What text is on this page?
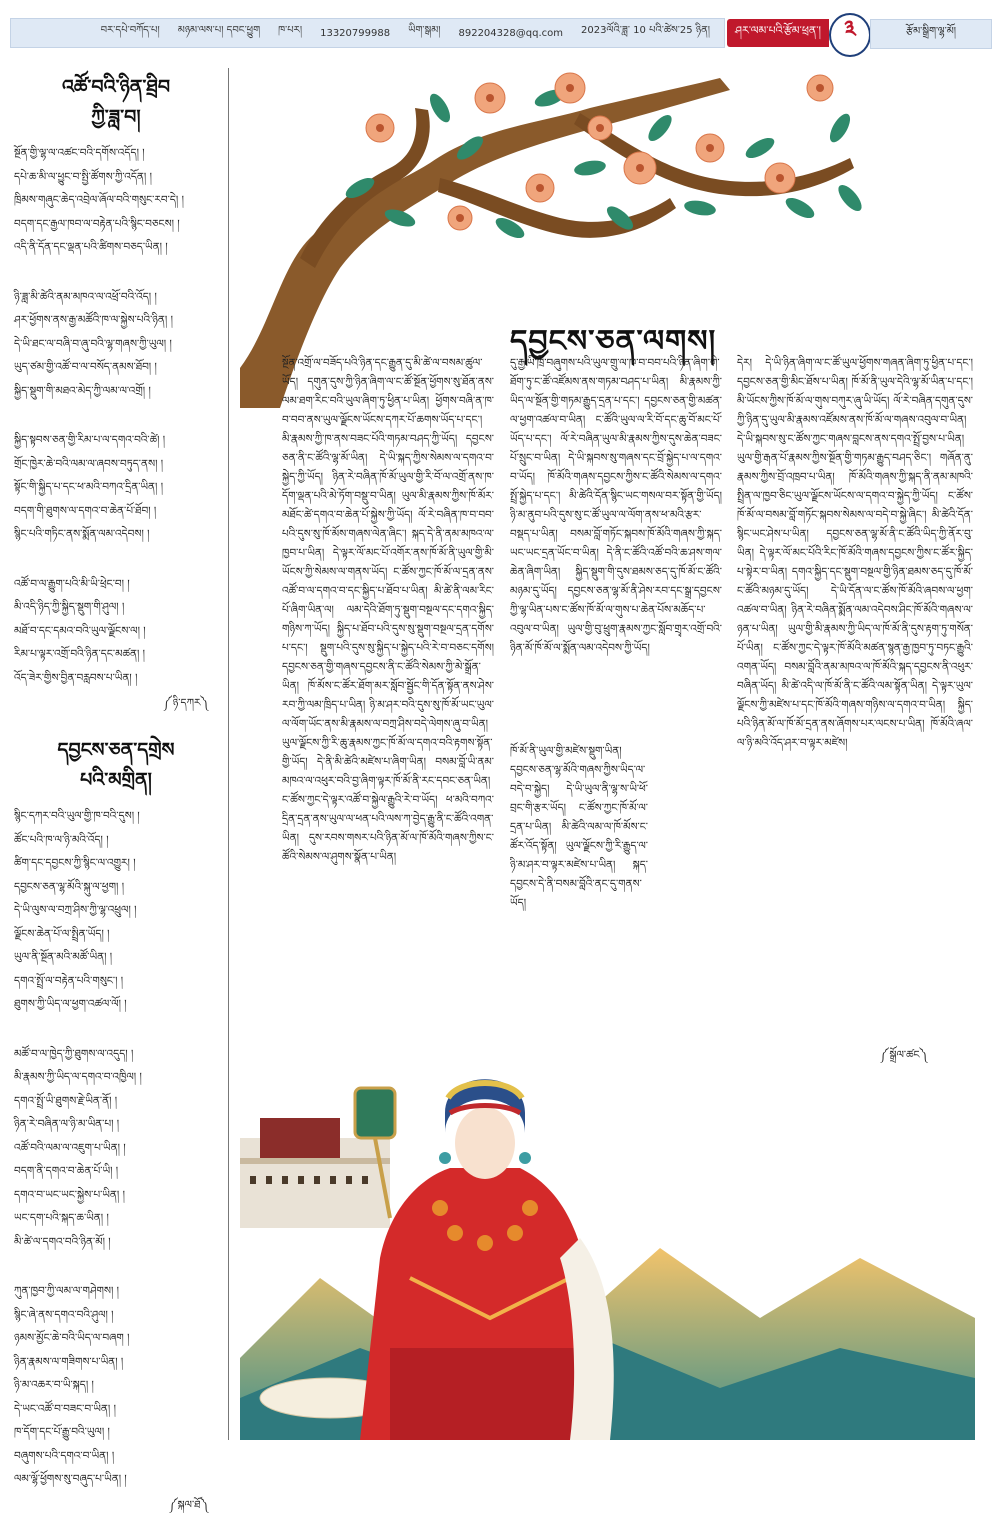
བར་དཔེ་བཀོད་པ། མཉམ་ལས་པ། དབང་ཕྱུག ཁ་པར། 13320799988 ཡིག་སྒམ། 892204328@qq.com 2023ལོའི་ཟླ་ 10 པའི་ཚེས་25 ཉིན།	ཤར་ལམ་པའི་རྩོམ་ཕྲན་།	༣	རྩོམ་སྒྲིག་ལྷ་མོ།
འཚོ་བའི་ཉིན་ཐྲིབ
ཀྱི་ཟླ་བ།
སྔོན་གྱི་ལྷ་ལ་འཚང་བའི་དགོས་འདོད། །
དཔེ་ཆ་མི་ལ་ཕྱུང་བ་སྤྱི་ཚོགས་ཀྱི་འདོན། །
ཁྲིམས་གཞུང་ཆེད་འབྲེལ་ཞོལ་བའི་གསུང་རབ་དེ། །
བདག་དང་རྒྱལ་ཁབ་ལ་བརྟེན་པའི་སྙིང་བཅངས། །
འདི་ནི་དོན་དང་ལྡན་པའི་ཚིགས་བཅད་ཡིན། །
ཉི་ཟླ་མི་ཚེའི་ནམ་མཁའ་ལ་འཕྲོ་བའི་འོད། །
ཤར་ཕྱོགས་ནས་རྒྱ་མཚོའི་ཁ་ལ་སྐྱེས་པའི་ཉིན། །
དེ་ཡི་ཐང་ལ་བཞི་བ་ཞུ་བའི་ལྷ་གཞས་ཀྱི་ཡུལ། །
ཡུད་ཙམ་གྱི་འཚོ་བ་ལ་བསོད་ནམས་ཐོབ། །
སྐྱིད་སྡུག་གི་མཐའ་མེད་ཀྱི་ལམ་ལ་འགྲོ། །
སྐྱིད་སྟབས་ཅན་གྱི་རིམ་པ་ལ་དགའ་བའི་ཚེ། །
གྲོང་ཁྱེར་ཆེ་བའི་ལམ་ལ་ཞབས་བཏུད་ནས། །
སྟོང་གི་སྐྱིད་པ་དང་ཕ་མའི་བཀའ་དྲིན་ཡིན། །
བདག་གི་ཐུགས་ལ་དགའ་བ་ཆེན་པོ་ཐོབ། །
སྙིང་པའི་གཏིང་ནས་སྨོན་ལམ་འདེབས། །
འཚོ་བ་ལ་རྒྱུག་པའི་མི་ཡི་ཕྲེང་བ། །
མི་འདི་ཉིད་ཀྱི་སྐྱིད་སྡུག་གི་ཤུལ། །
མཐོ་བ་དང་དམའ་བའི་ཡུལ་ལྗོངས་ལ། །
རིམ་པ་ལྟར་འགྲོ་བའི་ཉིན་དང་མཚན། །
འོད་ཟེར་གྱིས་བྱིན་བརླབས་པ་ཡིན། །
༼ཉི་དཀར༽
དབྱངས་ཅན་དགྲེས
པའི་མགྲིན།
སྙིང་དཀར་བའི་ཡུལ་གྱི་ཁ་བའི་དུས། །
ཚོང་པའི་ཁ་ལ་ཉི་མའི་འོད། །
ཚིག་དང་དབྱངས་ཀྱི་སྙིང་ལ་འགྱུར། །
དབྱངས་ཅན་ལྷ་མོའི་སྐུ་ལ་ཕྱག། །
དེ་ཡི་ལུས་ལ་བཀྲ་ཤིས་ཀྱི་ལྷ་འཕྲུལ། །
ལྗོངས་ཆེན་པོ་ལ་སྤྲིན་ཡོད། །
ཡུལ་ནི་སྔོན་མའི་མཚོ་ཡིན། །
དགའ་སྤྲོ་ལ་བརྟེན་པའི་གསུང་། །
ཐུགས་ཀྱི་ཡིད་ལ་ཕྱག་འཚལ་ལོ། །
མཚོ་བ་ལ་ཁྱེད་ཀྱི་ཐུགས་ལ་འདུད། །
མི་རྣམས་ཀྱི་ཡིད་ལ་དགའ་བ་འཁྱིལ། །
དགའ་སྤྲོ་ཡི་ཐུགས་རྗེ་ཡིན་ནོ། །
ཉིན་རེ་བཞིན་ལ་ཉི་མ་ཡིན་པ། །
འཚོ་བའི་ལམ་ལ་འཇུག་པ་ཡིན། །
བདག་ནི་དགའ་བ་ཆེན་པོ་ཡི། །
དགའ་བ་ཡང་ཡང་སྐྱེས་པ་ཡིན། །
ཡང་དག་པའི་སྐད་ཆ་ཡིན། །
མི་ཚེ་ལ་དགའ་བའི་ཉིན་མོ། །
ཀུན་ཁྱབ་ཀྱི་ལམ་ལ་གཤེགས། །
སྙིང་ཞེ་ནས་དགའ་བའི་ཤུལ། །
ཉམས་མྱོང་ཆེ་བའི་ཡིད་ལ་བཞག །
ཉིན་རྣམས་ལ་གཟིགས་པ་ཡིན། །
ཉི་མ་འཆར་བ་ཡི་སྐད། །
དེ་ཡང་འཚོ་བ་བཟང་བ་ཡིན། །
ཁ་དོག་དང་པོ་རྒྱུ་བའི་ཡུལ། །
བཞུགས་པའི་དགའ་བ་ཡིན། །
ལམ་ལྷོ་ཕྱོགས་སུ་བཞུད་པ་ཡིན། །
༼སྐལ་ཐོ༽
དབྱངས་ཅན་ལགས།
སྔོན་འགྲོ་ལ་བཟོད་པའི་ཉིན་དང་རྒྱུན་དུ་མི་ཚེ་ལ་བསམ་ཚུལ་ཡོད། དགུན་དུས་ཀྱི་ཉིན་ཞིག་ལ་ང་ཚོ་སྔོན་ཕྱོགས་སུ་ཐོན་ནས་ལམ་ཐག་རིང་བའི་ཡུལ་ཞིག་ཏུ་ཕྱིན་པ་ཡིན། ཕྱོགས་བཞི་ན་ཁ་བ་བབ་ནས་ཡུལ་ལྗོངས་ཡོངས་དཀར་པོ་ཆགས་ཡོད་པ་དང་། མི་རྣམས་ཀྱི་ཁ་ནས་བཟང་པོའི་གཏམ་བཤད་ཀྱི་ཡོད། དབྱངས་ཅན་ནི་ང་ཚོའི་ལྷ་མོ་ཡིན། དེ་ཡི་སྐད་ཀྱིས་སེམས་ལ་དགའ་བ་སྐྱེད་ཀྱི་ཡོད། ཉིན་རེ་བཞིན་ཁོ་མོ་ཡུལ་གྱི་རི་བོ་ལ་འགྲོ་ནས་ཁ་དོག་ལྡན་པའི་མེ་ཏོག་བསྡུ་བ་ཡིན། ཡུལ་མི་རྣམས་ཀྱིས་ཁོ་མོར་མཐོང་ཚེ་དགའ་བ་ཆེན་པོ་སྐྱེས་ཀྱི་ཡོད། ལོ་རེ་བཞིན་ཁ་བ་བབ་པའི་དུས་སུ་ཁོ་མོས་གཞས་ལེན་ཞིང་། སྐད་དེ་ནི་ནམ་མཁའ་ལ་ཁྱབ་པ་ཡིན། དེ་ལྟར་ལོ་མང་པོ་འགོར་ནས་ཁོ་མོ་ནི་ཡུལ་གྱི་མི་ཡོངས་ཀྱི་སེམས་ལ་གནས་ཡོད། ང་ཚོས་ཀྱང་ཁོ་མོ་ལ་དྲན་ནས་འཚོ་བ་ལ་དགའ་བ་དང་སྐྱིད་པ་ཐོབ་པ་ཡིན། མི་ཚེ་ནི་ལམ་རིང་པོ་ཞིག་ཡིན་ལ། ལམ་དེའི་ཐོག་ཏུ་སྡུག་བསྔལ་དང་དགའ་སྐྱིད་གཉིས་ཀ་ཡོད། སྐྱིད་པ་ཐོབ་པའི་དུས་སུ་སྡུག་བསྔལ་དྲན་དགོས་པ་དང་། སྡུག་པའི་དུས་སུ་སྐྱིད་པ་སྐྱེད་པའི་རེ་བ་བཅང་དགོས། དབྱངས་ཅན་གྱི་གཞས་དབྱངས་ནི་ང་ཚོའི་སེམས་ཀྱི་མེ་སྒྲོན་ཡིན། ཁོ་མོས་ང་ཚོར་ཐོག་མར་སློབ་སྦྱོང་གི་དོན་སྟོན་ནས་ཤེས་རབ་ཀྱི་ལམ་ཁྲིད་པ་ཡིན། ཉི་མ་ཤར་བའི་དུས་སུ་ཁོ་མོ་ཡང་ཡུལ་ལ་ལོག་ཡོང་ནས་མི་རྣམས་ལ་བཀྲ་ཤིས་བདེ་ལེགས་ཞུ་བ་ཡིན། ཡུལ་ལྗོངས་ཀྱི་རི་ཆུ་རྣམས་ཀྱང་ཁོ་མོ་ལ་དགའ་བའི་རྟགས་སྟོན་གྱི་ཡོད། དེ་ནི་མི་ཚེའི་མཛེས་པ་ཞིག་ཡིན། བསམ་བློ་ཡི་ནམ་མཁའ་ལ་འཕུར་བའི་བྱ་ཞིག་ལྟར་ཁོ་མོ་ནི་རང་དབང་ཅན་ཡིན། ང་ཚོས་ཀྱང་དེ་ལྟར་འཚོ་བ་སྐྱེལ་རྒྱུའི་རེ་བ་ཡོད། ཕ་མའི་བཀའ་དྲིན་དྲན་ནས་ཡུལ་ལ་ཕན་པའི་ལས་ཀ་བྱེད་རྒྱུ་ནི་ང་ཚོའི་འགན་ཡིན། དུས་རབས་གསར་པའི་ཉིན་མོ་ལ་ཁོ་མོའི་གཞས་ཀྱིས་ང་ཚོའི་སེམས་ལ་ཤུགས་སྣོན་པ་ཡིན།
དུ་རྒྱ་ཡི་ཁྲི་བཞུགས་པའི་ཡུལ་གྲུ་ལ་ཁ་བ་བབ་པའི་ཉིན་ཞིག་གི་ཐོག་ཏུ་ང་ཚོ་འཛོམས་ནས་གཏམ་བཤད་པ་ཡིན། མི་རྣམས་ཀྱི་ཡིད་ལ་སྔོན་གྱི་གཏམ་རྒྱུད་དྲན་པ་དང་། དབྱངས་ཅན་གྱི་མཚན་ལ་ཕྱག་འཚལ་བ་ཡིན། ང་ཚོའི་ཡུལ་ལ་རི་བོ་དང་ཆུ་བོ་མང་པོ་ཡོད་པ་དང་། ལོ་རེ་བཞིན་ཡུལ་མི་རྣམས་ཀྱིས་དུས་ཆེན་བཟང་པོ་སྲུང་བ་ཡིན། དེ་ཡི་སྐབས་སུ་གཞས་དང་བྲོ་སྐྱེད་པ་ལ་དགའ་བ་ཡོད། ཁོ་མོའི་གཞས་དབྱངས་ཀྱིས་ང་ཚོའི་སེམས་ལ་དགའ་སྤྲོ་སྐྱེད་པ་དང་། མི་ཚེའི་དོན་སྙིང་ཡང་གསལ་བར་སྟོན་གྱི་ཡོད། ཉི་མ་ནུབ་པའི་དུས་སུ་ང་ཚོ་ཡུལ་ལ་ལོག་ནས་ཕ་མའི་རྩར་བསྡད་པ་ཡིན། བསམ་བློ་གཏོང་སྐབས་ཁོ་མོའི་གཞས་ཀྱི་སྐད་ཡང་ཡང་དྲན་ཡོང་བ་ཡིན། དེ་ནི་ང་ཚོའི་འཚོ་བའི་ཆ་ཤས་གལ་ཆེན་ཞིག་ཡིན། སྐྱིད་སྡུག་གི་དུས་ཐམས་ཅད་དུ་ཁོ་མོ་ང་ཚོའི་མཉམ་དུ་ཡོད། དབྱངས་ཅན་ལྷ་མོ་ནི་ཤེས་རབ་དང་སྒྲ་དབྱངས་ཀྱི་ལྷ་ཡིན་པས་ང་ཚོས་ཁོ་མོ་ལ་གུས་པ་ཆེན་པོས་མཆོད་པ་འབུལ་བ་ཡིན། ཡུལ་གྱི་བུ་ཕྲུག་རྣམས་ཀྱང་སློབ་གྲྭར་འགྲོ་བའི་ཉིན་མོ་ཁོ་མོ་ལ་སྨོན་ལམ་འདེབས་ཀྱི་ཡོད།
ཁོ་མོ་ནི་ཡུལ་གྱི་མཛེས་སྡུག་ཡིན། དབྱངས་ཅན་ལྷ་མོའི་གཞས་ཀྱིས་ཡིད་ལ་བདེ་བ་སྐྱེད། དེ་ཡི་ཡུལ་ནི་ལྷ་ས་ཡི་ཕོ་བྲང་གི་རྩར་ཡོད། ང་ཚོས་ཀྱང་ཁོ་མོ་ལ་དྲན་པ་ཡིན། མི་ཚེའི་ལམ་ལ་ཁོ་མོས་ང་ཚོར་འོད་སྟོན། ཡུལ་ལྗོངས་ཀྱི་རི་རྒྱུད་ལ་ཉི་མ་ཤར་བ་ལྟར་མཛེས་པ་ཡིན། སྐད་དབྱངས་དེ་ནི་བསམ་བློའི་ནང་དུ་གནས་ཡོད།
དེར། དེ་ཡི་ཉིན་ཞིག་ལ་ང་ཚོ་ཡུལ་ཕྱོགས་གཞན་ཞིག་ཏུ་ཕྱིན་པ་དང་། དབྱངས་ཅན་གྱི་མིང་ཐོས་པ་ཡིན། ཁོ་མོ་ནི་ཡུལ་དེའི་ལྷ་མོ་ཡིན་པ་དང་། མི་ཡོངས་ཀྱིས་ཁོ་མོ་ལ་གུས་བཀུར་ཞུ་ཡི་ཡོད། ལོ་རེ་བཞིན་དགུན་དུས་ཀྱི་ཉིན་དུ་ཡུལ་མི་རྣམས་འཛོམས་ནས་ཁོ་མོ་ལ་གཞས་འབུལ་བ་ཡིན། དེ་ཡི་སྐབས་སུ་ང་ཚོས་ཀྱང་གཞས་བླངས་ནས་དགའ་སྤྲོ་བྱས་པ་ཡིན། ཡུལ་གྱི་རྒན་པོ་རྣམས་ཀྱིས་སྔོན་གྱི་གཏམ་རྒྱུད་བཤད་ཅིང་། གཞོན་ནུ་རྣམས་ཀྱིས་བྲོ་འཁྲབ་པ་ཡིན། ཁོ་མོའི་གཞས་ཀྱི་སྐད་ནི་ནམ་མཁའི་སྤྲིན་ལ་ཁྱབ་ཅིང་ཡུལ་ལྗོངས་ཡོངས་ལ་དགའ་བ་སྐྱེད་ཀྱི་ཡོད། ང་ཚོས་ཁོ་མོ་ལ་བསམ་བློ་གཏོང་སྐབས་སེམས་ལ་བདེ་བ་སྐྱེ་ཞིང་། མི་ཚེའི་དོན་སྙིང་ཡང་ཤེས་པ་ཡིན། དབྱངས་ཅན་ལྷ་མོ་ནི་ང་ཚོའི་ཡིད་ཀྱི་ནོར་བུ་ཡིན། དེ་ལྟར་ལོ་མང་པོའི་རིང་ཁོ་མོའི་གཞས་དབྱངས་ཀྱིས་ང་ཚོར་སྐྱིད་པ་སྟེར་བ་ཡིན། དགའ་སྐྱིད་དང་སྡུག་བསྔལ་གྱི་ཉིན་ཐམས་ཅད་དུ་ཁོ་མོ་ང་ཚོའི་མཉམ་དུ་ཡོད། དེ་ཡི་དོན་ལ་ང་ཚོས་ཁོ་མོའི་ཞབས་ལ་ཕྱག་འཚལ་བ་ཡིན། ཉིན་རེ་བཞིན་སྨོན་ལམ་འདེབས་ཤིང་ཁོ་མོའི་གཞས་ལ་ཉན་པ་ཡིན། ཡུལ་གྱི་མི་རྣམས་ཀྱི་ཡིད་ལ་ཁོ་མོ་ནི་དུས་རྟག་ཏུ་གསོན་པོ་ཡིན། ང་ཚོས་ཀྱང་དེ་ལྟར་ཁོ་མོའི་མཚན་སྙན་རྒྱ་ཁྱབ་ཏུ་བཏང་རྒྱུའི་འགན་ཡོད། བསམ་བློའི་ནམ་མཁའ་ལ་ཁོ་མོའི་སྐད་དབྱངས་ནི་འཕུར་བཞིན་ཡོད། མི་ཚེ་འདི་ལ་ཁོ་མོ་ནི་ང་ཚོའི་ལམ་སྟོན་ཡིན། དེ་ལྟར་ཡུལ་ལྗོངས་ཀྱི་མཛེས་པ་དང་ཁོ་མོའི་གཞས་གཉིས་ལ་དགའ་བ་ཡིན། སྐྱིད་པའི་ཉིན་མོ་ལ་ཁོ་མོ་དྲན་ནས་ཞོགས་པར་ལངས་པ་ཡིན། ཁོ་མོའི་ཞལ་ལ་ཉི་མའི་འོད་ཤར་བ་ལྟར་མཛེས།
༼སྒྲོལ་ཚང༽
